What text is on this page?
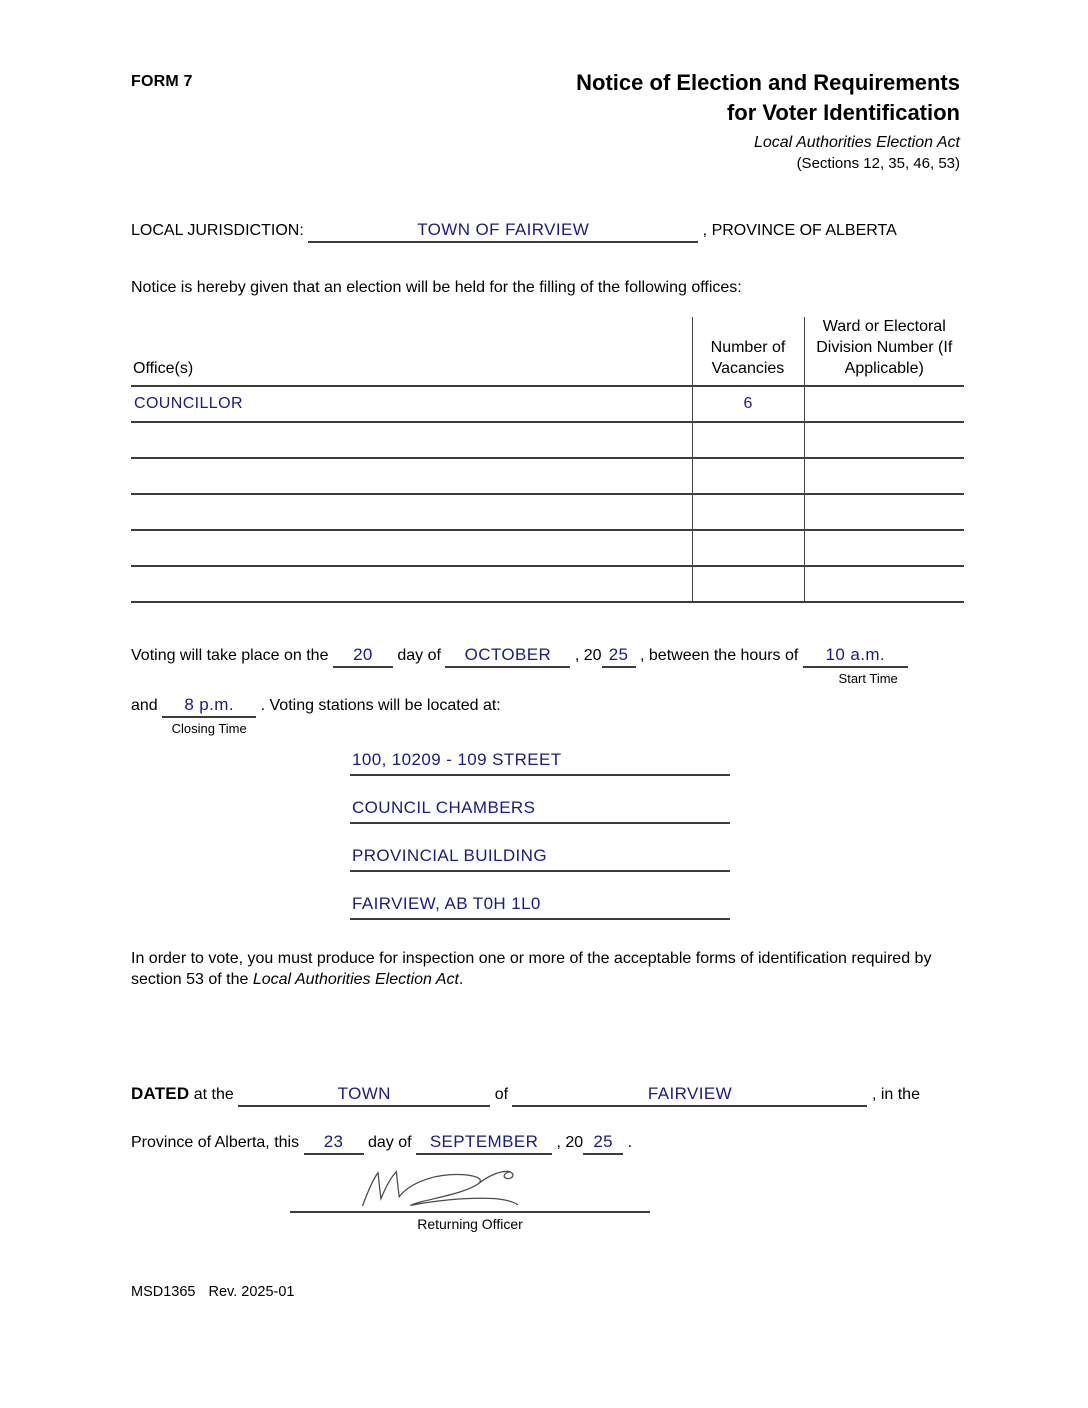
FORM 7	Notice of Election and Requirements
for Voter Identification
Local Authorities Election Act
(Sections 12, 35, 46, 53)
LOCAL JURISDICTION:	TOWN OF FAIRVIEW	, PROVINCE OF ALBERTA
Notice is hereby given that an election will be held for the filling of the following offices:
Office(s)	Number of Vacancies	Ward or Electoral Division Number (If Applicable)
COUNCILLOR	6	

Voting will take place on the 20 day of OCTOBER , 20 25 , between the hours of 10 a.m.
Start Time
and 8 p.m.
Closing Time
. Voting stations will be located at:
100, 10209 - 109 STREET
COUNCIL CHAMBERS
PROVINCIAL BUILDING
FAIRVIEW, AB T0H 1L0
In order to vote, you must produce for inspection one or more of the acceptable forms of identification required by section 53 of the Local Authorities Election Act.
DATED at the	TOWN	of	FAIRVIEW	, in the
Province of Alberta, this 23 day of SEPTEMBER , 20 25 .
Returning Officer
MSD1365 Rev. 2025-01
